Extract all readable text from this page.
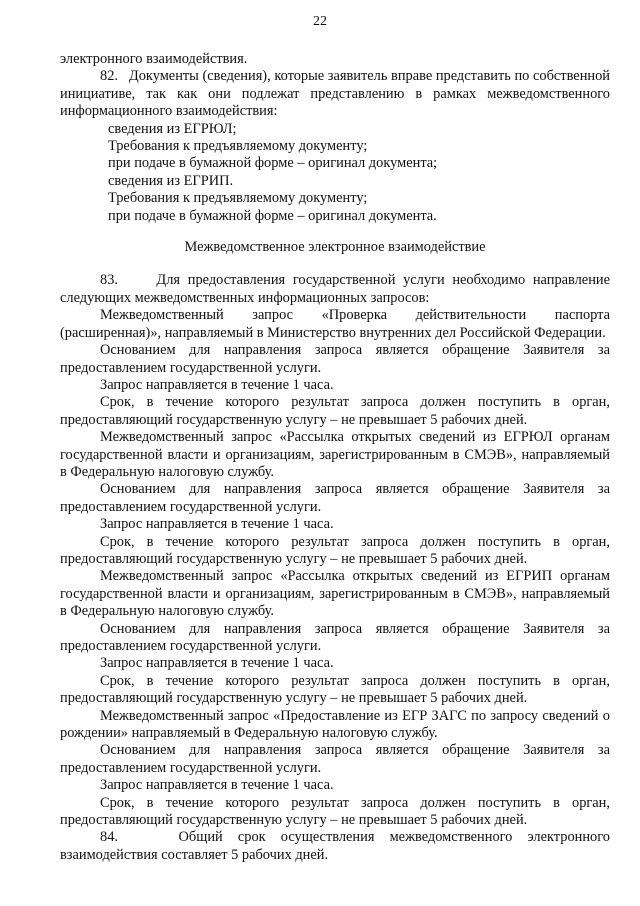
22

электронного взаимодействия.

82.   Документы (сведения), которые заявитель вправе представить по собственной инициативе, так как они подлежат представлению в рамках межведомственного информационного взаимодействия:

сведения из ЕГРЮЛ;

Требования к предъявляемому документу;

при подаче в бумажной форме – оригинал документа;

сведения из ЕГРИП.

Требования к предъявляемому документу;

при подаче в бумажной форме – оригинал документа.

Межведомственное электронное взаимодействие

83.     Для предоставления государственной услуги необходимо направление следующих межведомственных информационных запросов:

Межведомственный запрос «Проверка действительности паспорта (расширенная)», направляемый в Министерство внутренних дел Российской Федерации.

Основанием для направления запроса является обращение Заявителя за предоставлением государственной услуги.

Запрос направляется в течение 1 часа.

Срок, в течение которого результат запроса должен поступить в орган, предоставляющий государственную услугу – не превышает 5 рабочих дней.

Межведомственный запрос «Рассылка открытых сведений из ЕГРЮЛ органам государственной власти и организациям, зарегистрированным в СМЭВ», направляемый в Федеральную налоговую службу.

Основанием для направления запроса является обращение Заявителя за предоставлением государственной услуги.

Запрос направляется в течение 1 часа.

Срок, в течение которого результат запроса должен поступить в орган, предоставляющий государственную услугу – не превышает 5 рабочих дней.

Межведомственный запрос «Рассылка открытых сведений из ЕГРИП органам государственной власти и организациям, зарегистрированным в СМЭВ», направляемый в Федеральную налоговую службу.

Основанием для направления запроса является обращение Заявителя за предоставлением государственной услуги.

Запрос направляется в течение 1 часа.

Срок, в течение которого результат запроса должен поступить в орган, предоставляющий государственную услугу – не превышает 5 рабочих дней.

Межведомственный запрос «Предоставление из ЕГР ЗАГС по запросу сведений о рождении» направляемый в Федеральную налоговую службу.

Основанием для направления запроса является обращение Заявителя за предоставлением государственной услуги.

Запрос направляется в течение 1 часа.

Срок, в течение которого результат запроса должен поступить в орган, предоставляющий государственную услугу – не превышает 5 рабочих дней.

84.    Общий срок осуществления межведомственного электронного взаимодействия составляет 5 рабочих дней.
